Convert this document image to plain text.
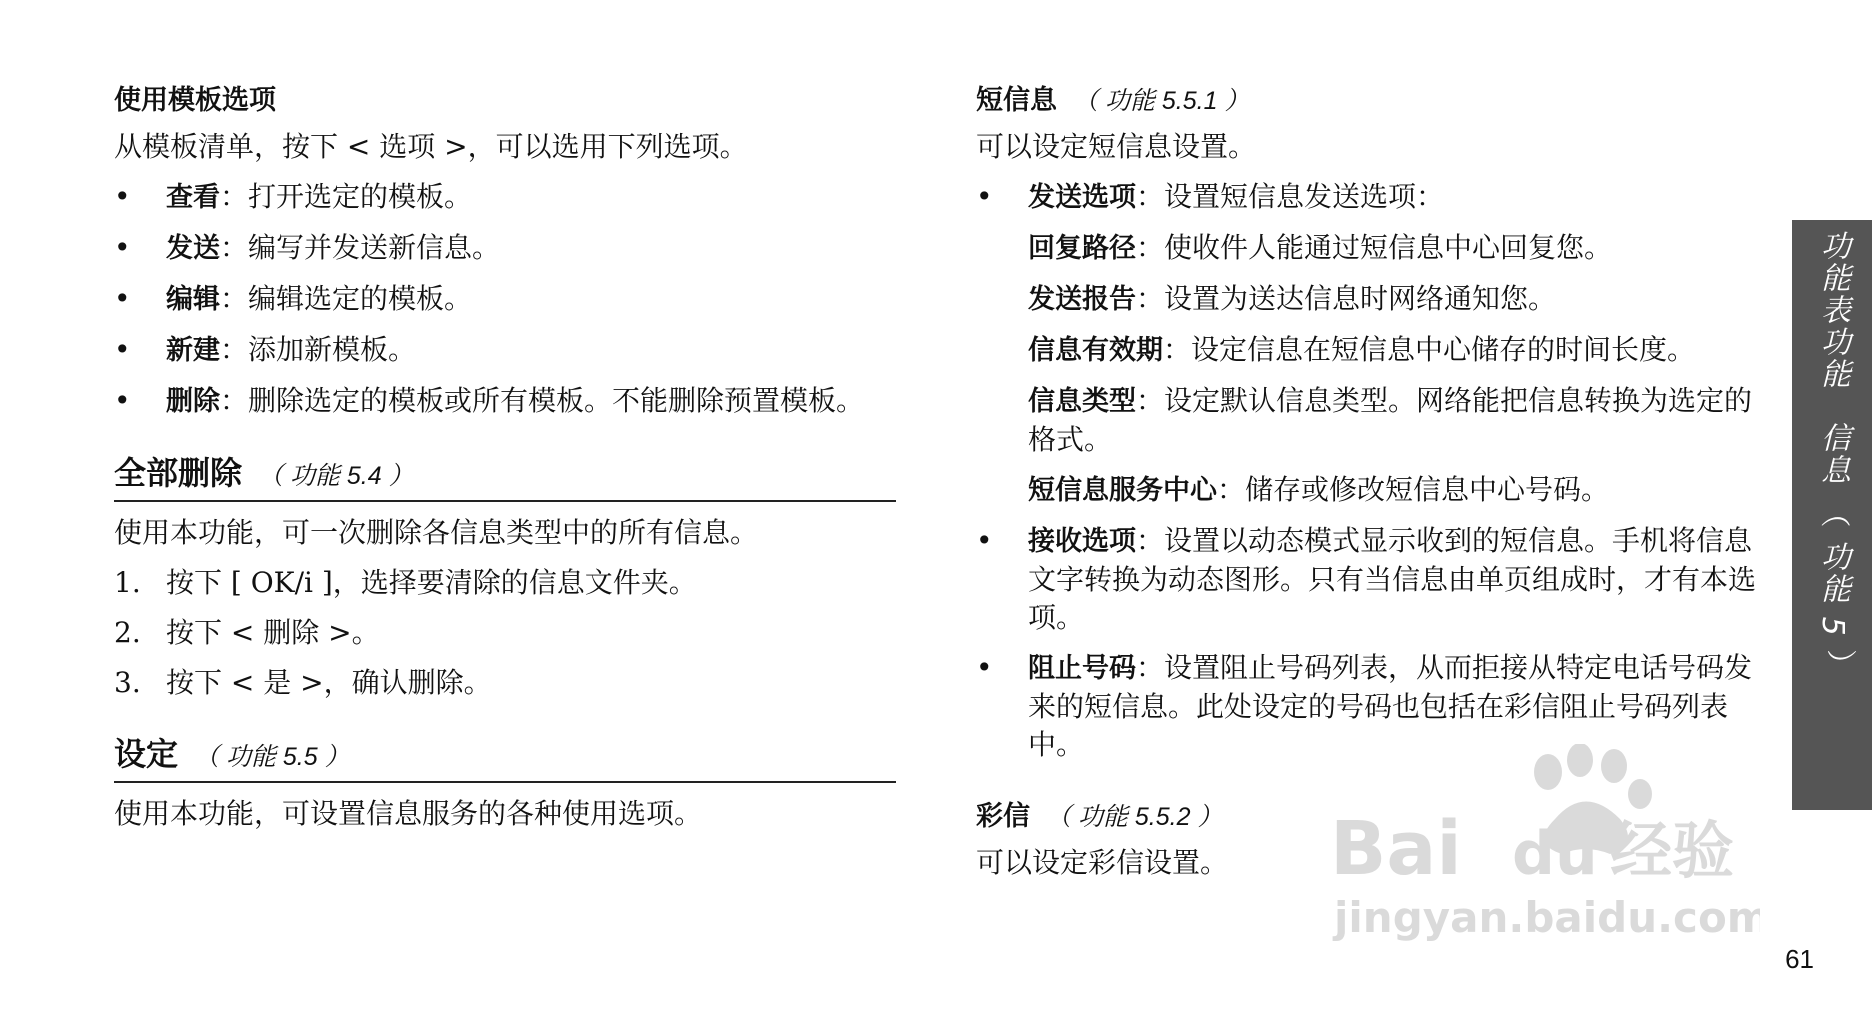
使用模板选项

从模板清单，按下 < 选项 >，可以选用下列选项。

•	查看：打开选定的模板。
•	发送：编写并发送新信息。
•	编辑：编辑选定的模板。
•	新建：添加新模板。
•	删除：删除选定的模板或所有模板。不能删除预置模板。
全部删除 （ 功能 5.4 ）

使用本功能，可一次删除各信息类型中的所有信息。

1. 按下 [ OK/i ]，选择要清除的信息文件夹。
2. 按下 < 删除 >。
3. 按下 < 是 >，确认删除。
设定 （ 功能 5.5 ）

使用本功能，可设置信息服务的各种使用选项。

短信息 （ 功能 5.5.1 ）

可以设定短信息设置。

•	发送选项：设置短信息发送选项：
回复路径：使收件人能通过短信息中心回复您。
发送报告：设置为送达信息时网络通知您。
信息有效期：设定信息在短信息中心储存的时间长度。
信息类型：设定默认信息类型。网络能把信息转换为选定的格式。
短信息服务中心：储存或修改短信息中心号码。
•	接收选项：设置以动态模式显示收到的短信息。手机将信息文字转换为动态图形。只有当信息由单页组成时，才有本选项。
•	阻止号码：设置阻止号码列表，从而拒接从特定电话号码发来的短信息。此处设定的号码也包括在彩信阻止号码列表中。
彩信 （ 功能 5.5.2 ）

可以设定彩信设置。

功能表功能　信息 （ 功能 5 ）
Bai du 经验
jingyan.baidu.com
61
